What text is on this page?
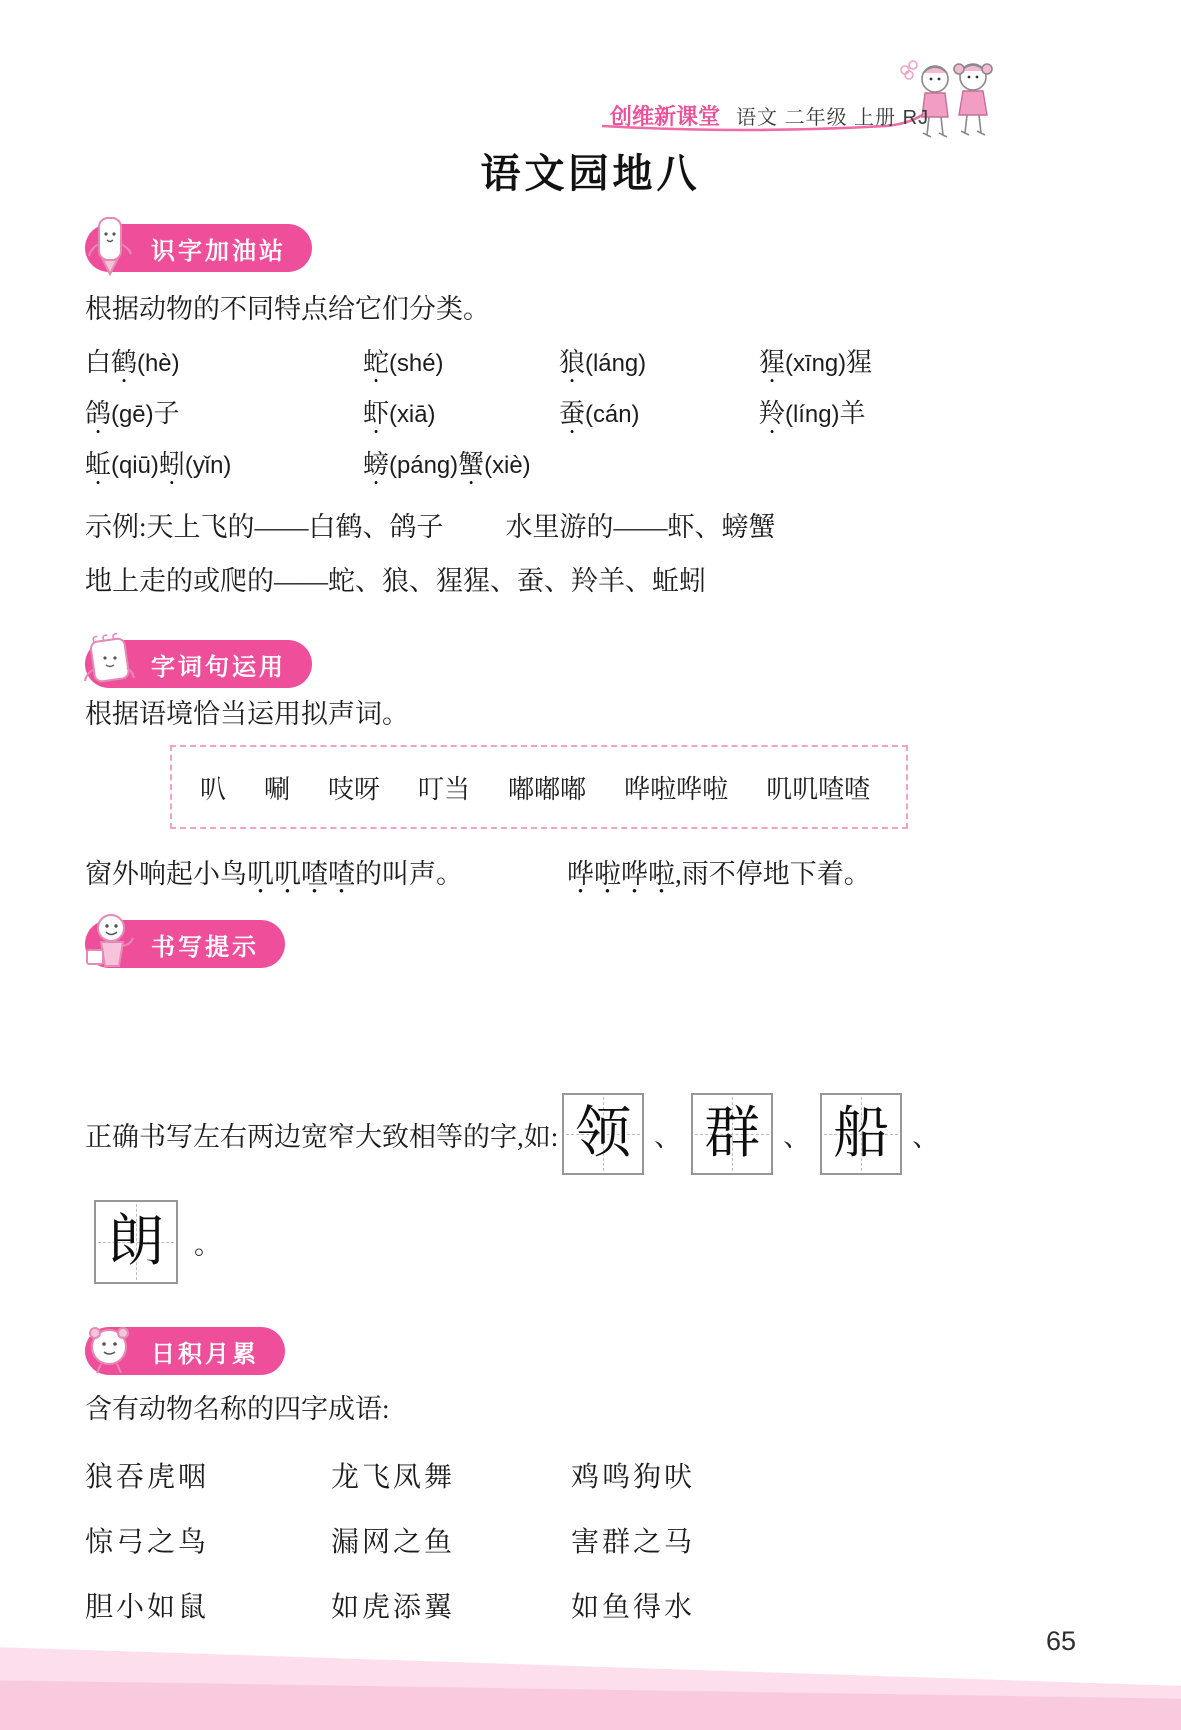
创维新课堂 语文 二年级 上册 RJ
语文园地八
识字加油站
根据动物的不同特点给它们分类。
白鹤(hè)	蛇(shé)	狼(láng)	猩(xīng)猩
鸽(gē)子	虾(xiā)	蚕(cán)	羚(líng)羊
蚯(qiū)蚓(yǐn)	螃(páng)蟹(xiè)
示例:天上飞的——白鹤、鸽子 水里游的——虾、螃蟹
地上走的或爬的——蛇、狼、猩猩、蚕、羚羊、蚯蚓
字词句运用
根据语境恰当运用拟声词。
叭 唰 吱呀 叮当 嘟嘟嘟 哗啦哗啦 叽叽喳喳
窗外响起小鸟叽叽喳喳的叫声。	哗啦哗啦,雨不停地下着。
书写提示
正确书写左右两边宽窄大致相等的字,如: 领 、 群 、 船 、
朗 。
日积月累
含有动物名称的四字成语:
狼吞虎咽	龙飞凤舞	鸡鸣狗吠
惊弓之鸟	漏网之鱼	害群之马
胆小如鼠	如虎添翼	如鱼得水
65
